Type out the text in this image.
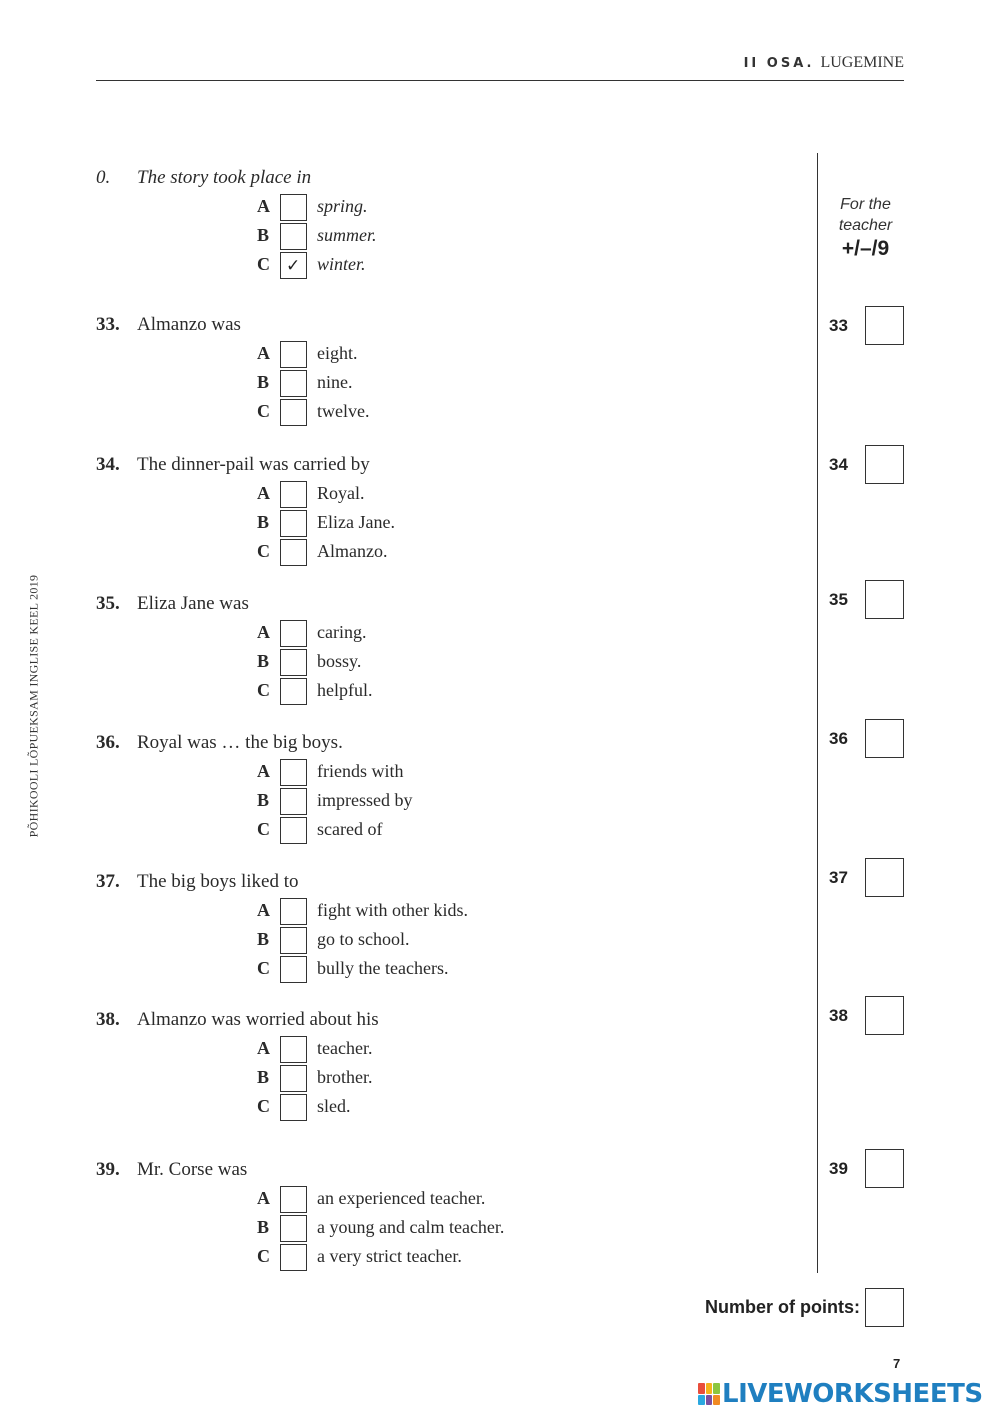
II OSA. LUGEMINE
PÕHIKOOLI LÕPUEKSAM INGLISE KEEL 2019
For the
teacher
+/–/9
0. The story took place in
A	spring.
B	summer.
C ✓ winter.
33. Almanzo was
A	eight.
B	nine.
C	twelve.
34. The dinner-pail was carried by
A	Royal.
B	Eliza Jane.
C	Almanzo.
35. Eliza Jane was
A	caring.
B	bossy.
C	helpful.
36. Royal was … the big boys.
A	friends with
B	impressed by
C	scared of
37. The big boys liked to
A	fight with other kids.
B	go to school.
C	bully the teachers.
38. Almanzo was worried about his
A	teacher.
B	brother.
C	sled.
39. Mr. Corse was
A	an experienced teacher.
B	a young and calm teacher.
C	a very strict teacher.
33
34
35
36
37
38
39
Number of points:
7
LIVEWORKSHEETS
